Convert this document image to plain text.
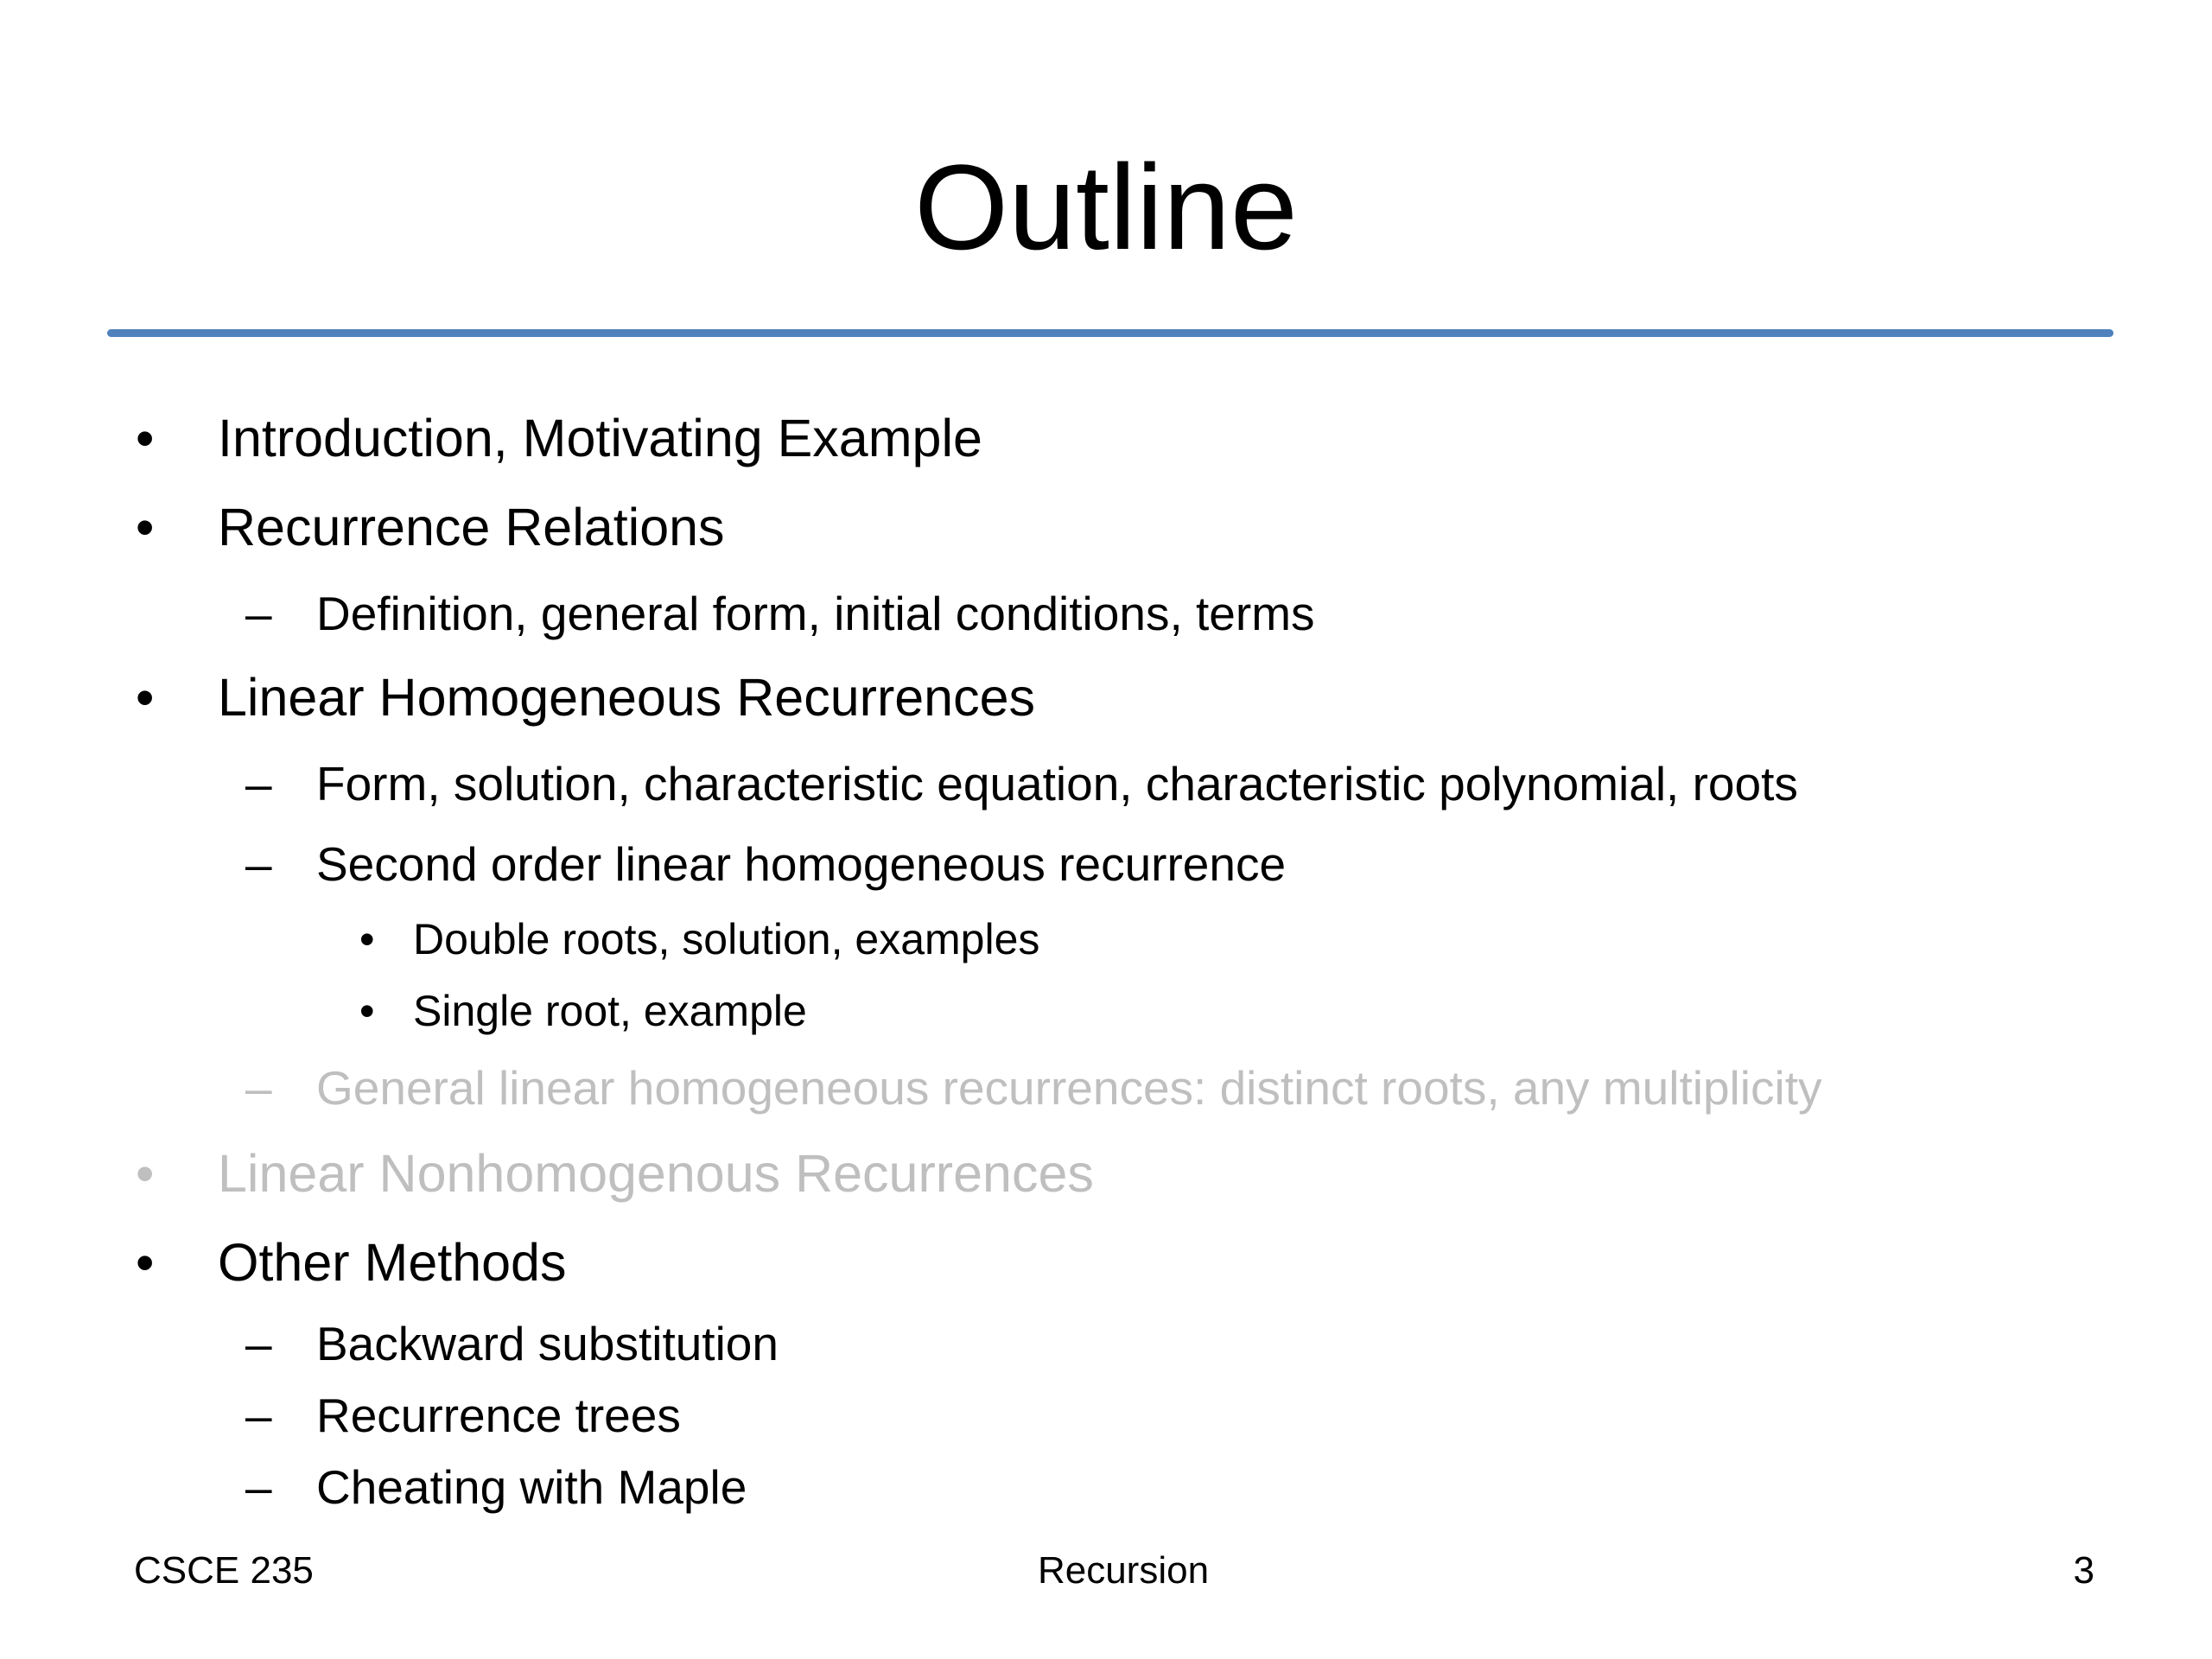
Outline
• Introduction, Motivating Example
• Recurrence Relations
– Definition, general form, initial conditions, terms
• Linear Homogeneous Recurrences
– Form, solution, characteristic equation, characteristic polynomial, roots
– Second order linear homogeneous recurrence
• Double roots, solution, examples
• Single root, example
– General linear homogeneous recurrences: distinct roots, any multiplicity
• Linear Nonhomogenous Recurrences
• Other Methods
– Backward substitution
– Recurrence trees
– Cheating with Maple
CSCE 235	Recursion	3
